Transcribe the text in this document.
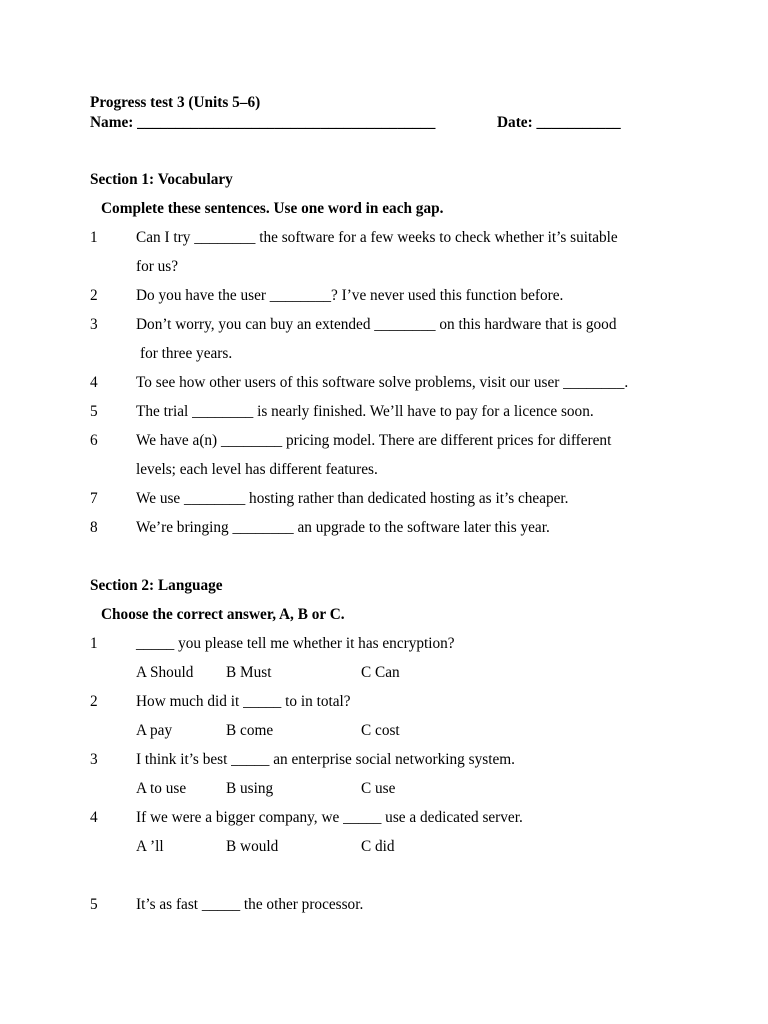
Progress test 3 (Units 5–6)
Name: _______________________________________	Date: ___________
Section 1: Vocabulary
Complete these sentences. Use one word in each gap.
1	Can I try ________ the software for a few weeks to check whether it’s suitable
for us?
2	Do you have the user ________? I’ve never used this function before.
3	Don’t worry, you can buy an extended ________ on this hardware that is good
for three years.
4	To see how other users of this software solve problems, visit our user ________.
5	The trial ________ is nearly finished. We’ll have to pay for a licence soon.
6	We have a(n) ________ pricing model. There are different prices for different
levels; each level has different features.
7	We use ________ hosting rather than dedicated hosting as it’s cheaper.
8	We’re bringing ________ an upgrade to the software later this year.
Section 2: Language
Choose the correct answer, A, B or C.
1	_____ you please tell me whether it has encryption?
A Should B Must	C Can
2	How much did it _____ to in total?
A pay	B come	C cost
3	I think it’s best _____ an enterprise social networking system.
A to use	B using	C use
4	If we were a bigger company, we _____ use a dedicated server.
A ’ll	B would	C did
5	It’s as fast _____ the other processor.
